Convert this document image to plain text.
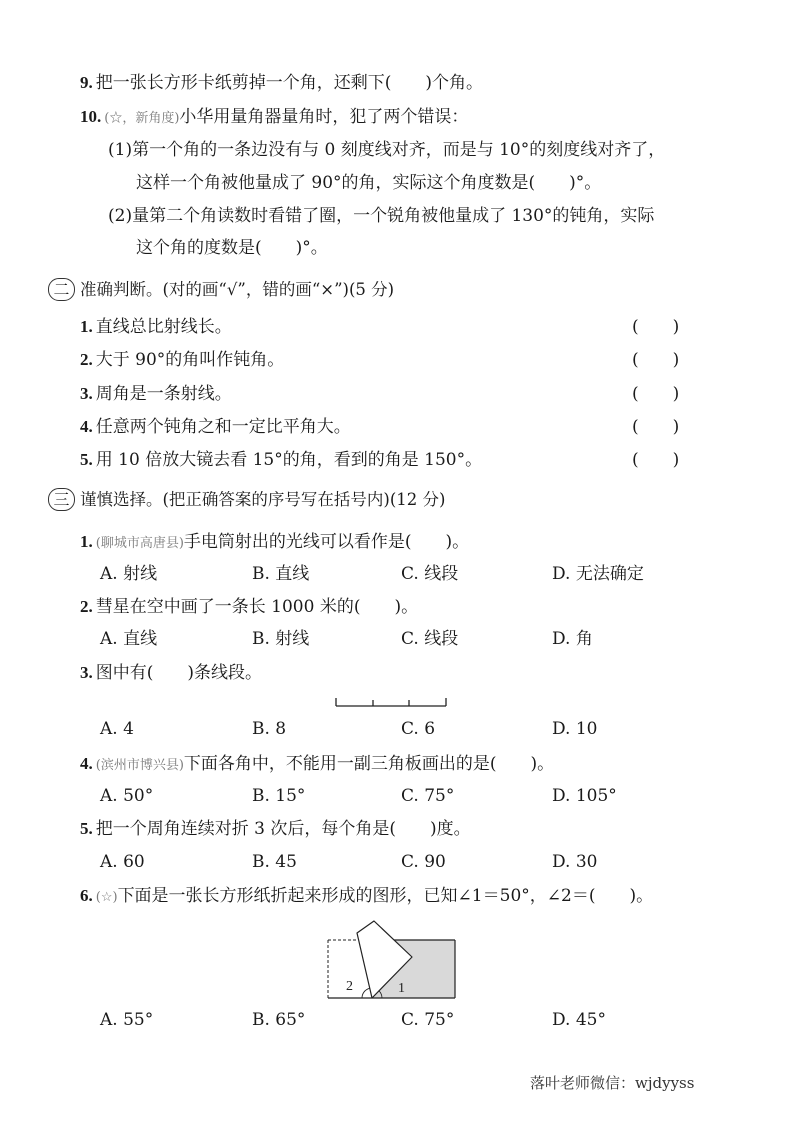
9. 把一张长方形卡纸剪掉一个角，还剩下(　　)个角。
10. (☆，新角度)小华用量角器量角时，犯了两个错误：
(1)第一个角的一条边没有与 0 刻度线对齐，而是与 10°的刻度线对齐了，
这样一个角被他量成了 90°的角，实际这个角度数是(　　)°。
(2)量第二个角读数时看错了圈，一个锐角被他量成了 130°的钝角，实际
这个角的度数是(　　)°。
二 准确判断。(对的画“√”，错的画“×”)(5 分)
1. 直线总比射线长。	(　　)
2. 大于 90°的角叫作钝角。	(　　)
3. 周角是一条射线。	(　　)
4. 任意两个钝角之和一定比平角大。	(　　)
5. 用 10 倍放大镜去看 15°的角，看到的角是 150°。	(　　)
三 谨慎选择。(把正确答案的序号写在括号内)(12 分)
1. (聊城市高唐县)手电筒射出的光线可以看作是(　　)。
A. 射线	B. 直线	C. 线段	D. 无法确定
2. 彗星在空中画了一条长 1000 米的(　　)。
A. 直线	B. 射线	C. 线段	D. 角
3. 图中有(　　)条线段。
A. 4	B. 8	C. 6	D. 10
4. (滨州市博兴县)下面各角中，不能用一副三角板画出的是(　　)。
A. 50°	B. 15°	C. 75°	D. 105°
5. 把一个周角连续对折 3 次后，每个角是(　　)度。
A. 60	B. 45	C. 90	D. 30
6. (☆)下面是一张长方形纸折起来形成的图形，已知∠1＝50°，∠2＝(　　)。
2	1
A. 55°	B. 65°	C. 75°	D. 45°
落叶老师微信：wjdyyss
